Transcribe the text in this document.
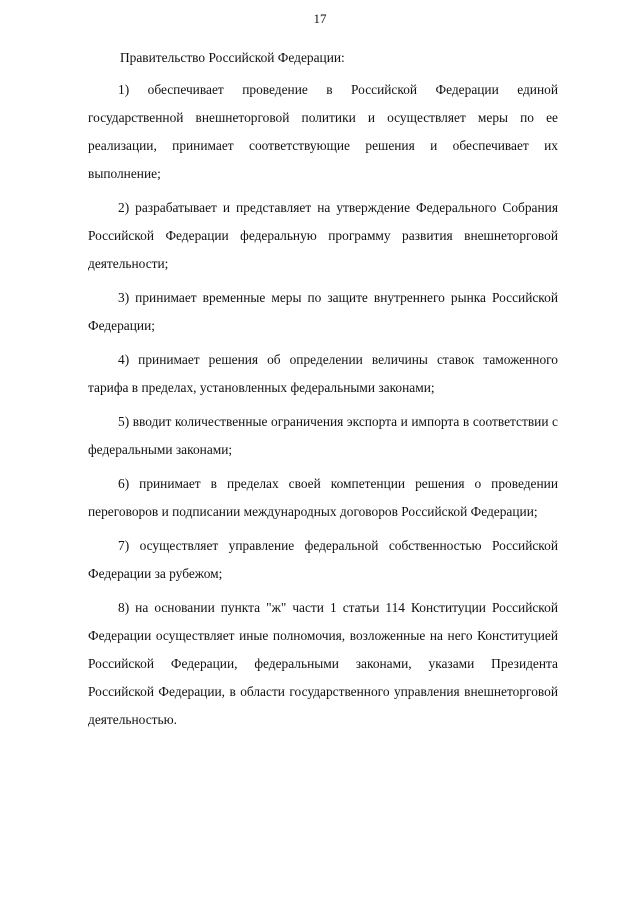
17

Правительство Российской Федерации:

1) обеспечивает проведение в Российской Федерации единой государственной внешнеторговой политики и осуществляет меры по ее реализации, принимает соответствующие решения и обеспечивает их выполнение;

2) разрабатывает и представляет на утверждение Федерального Собрания Российской Федерации федеральную программу развития внешнеторговой деятельности;

3) принимает временные меры по защите внутреннего рынка Российской Федерации;

4) принимает решения об определении величины ставок таможенного тарифа в пределах, установленных федеральными законами;

5) вводит количественные ограничения экспорта и импорта в соответствии с федеральными законами;

6) принимает в пределах своей компетенции решения о проведении переговоров и подписании международных договоров Российской Федерации;

7) осуществляет управление федеральной собственностью Российской Федерации за рубежом;

8) на основании пункта "ж" части 1 статьи 114 Конституции Российской Федерации осуществляет иные полномочия, возложенные на него Конституцией Российской Федерации, федеральными законами, указами Президента Российской Федерации, в области государственного управления внешнеторговой деятельностью.
